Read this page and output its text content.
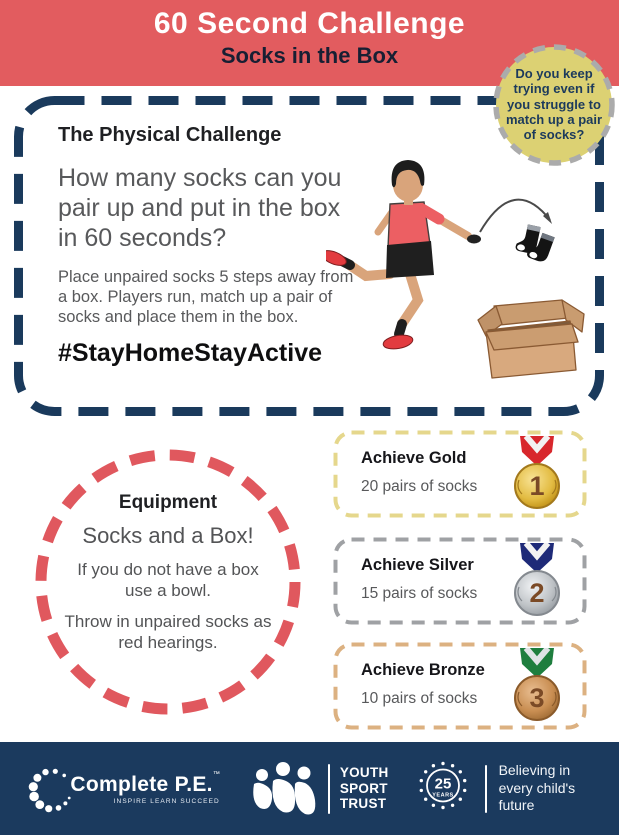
60 Second Challenge
Socks in the Box
Do you keep trying even if you struggle to match up a pair of socks?
The Physical Challenge
How many socks can you pair up and put in the box in 60 seconds?
Place unpaired socks 5 steps away from a box. Players run, match up a pair of socks and place them in the box.
#StayHomeStayActive
Equipment
Socks and a Box!
If you do not have a box use a bowl.
Throw in unpaired socks as red hearings.
Achieve Gold
20 pairs of socks 1
Achieve Silver
15 pairs of socks 2
Achieve Bronze
10 pairs of socks 3
Complete P.E.™
INSPIRE LEARN SUCCEED
YOUTH
SPORT
TRUST
25
YEARS
Believing in every child's future
